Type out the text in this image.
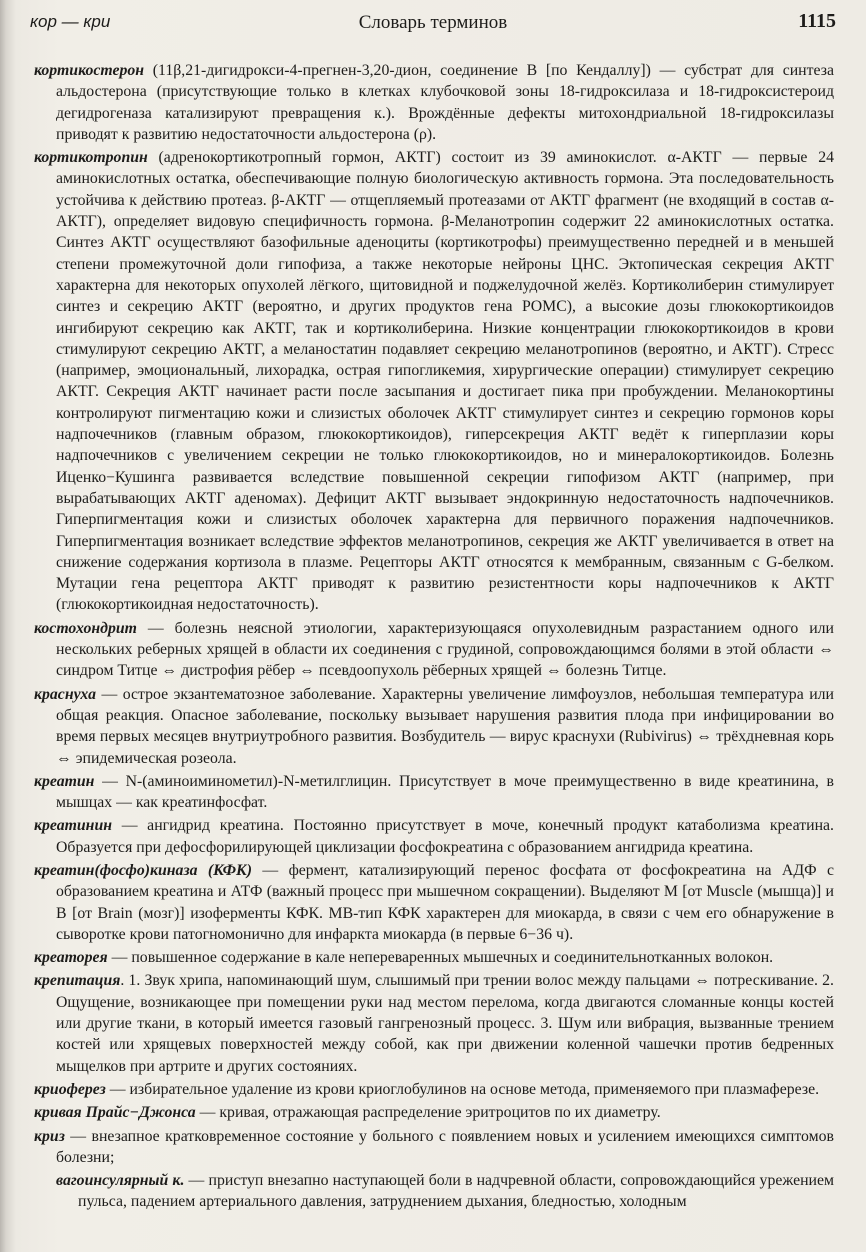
кор — кри	Словарь терминов	1115

кортикостерон (11β,21-дигидрокси-4-прегнен-3,20-дион, соединение В [по Кендаллу]) — субстрат для синтеза альдостерона (присутствующие только в клетках клубочковой зоны 18-гидроксилаза и 18-гидроксистероид дегидрогеназа катализируют превращения к.). Врождённые дефекты митохондриальной 18-гидроксилазы приводят к развитию недостаточности альдостерона (ρ).

кортикотропин (адренокортикотропный гормон, АКТГ) состоит из 39 аминокислот. α-АКТГ — первые 24 аминокислотных остатка, обеспечивающие полную биологическую активность гормона. Эта последовательность устойчива к действию протеаз. β-АКТГ — отщепляемый протеазами от АКТГ фрагмент (не входящий в состав α-АКТГ), определяет видовую специфичность гормона. β-Меланотропин содержит 22 аминокислотных остатка. Синтез АКТГ осуществляют базофильные аденоциты (кортикотрофы) преимущественно передней и в меньшей степени промежуточной доли гипофиза, а также некоторые нейроны ЦНС. Эктопическая секреция АКТГ характерна для некоторых опухолей лёгкого, щитовидной и поджелудочной желёз. Кортиколиберин стимулирует синтез и секрецию АКТГ (вероятно, и других продуктов гена POMC), а высокие дозы глюкокортикоидов ингибируют секрецию как АКТГ, так и кортиколиберина. Низкие концентрации глюкокортикоидов в крови стимулируют секрецию АКТГ, а меланостатин подавляет секрецию меланотропинов (вероятно, и АКТГ). Стресс (например, эмоциональный, лихорадка, острая гипогликемия, хирургические операции) стимулирует секрецию АКТГ. Секреция АКТГ начинает расти после засыпания и достигает пика при пробуждении. Меланокортины контролируют пигментацию кожи и слизистых оболочек АКТГ стимулирует синтез и секрецию гормонов коры надпочечников (главным образом, глюкокортикоидов), гиперсекреция АКТГ ведёт к гиперплазии коры надпочечников с увеличением секреции не только глюкокортикоидов, но и минералокортикоидов. Болезнь Иценко−Кушинга развивается вследствие повышенной секреции гипофизом АКТГ (например, при вырабатывающих АКТГ аденомах). Дефицит АКТГ вызывает эндокринную недостаточность надпочечников. Гиперпигментация кожи и слизистых оболочек характерна для первичного поражения надпочечников. Гиперпигментация возникает вследствие эффектов меланотропинов, секреция же АКТГ увеличивается в ответ на снижение содержания кортизола в плазме. Рецепторы АКТГ относятся к мембранным, связанным с G-белком. Мутации гена рецептора АКТГ приводят к развитию резистентности коры надпочечников к АКТГ (глюкокортикоидная недостаточность).

костохондрит — болезнь неясной этиологии, характеризующаяся опухолевидным разрастанием одного или нескольких реберных хрящей в области их соединения с грудиной, сопровождающимся болями в этой области ⇔ синдром Титце ⇔ дистрофия рёбер ⇔ псевдоопухоль рёберных хрящей ⇔ болезнь Титце.

краснуха — острое экзантематозное заболевание. Характерны увеличение лимфоузлов, небольшая температура или общая реакция. Опасное заболевание, поскольку вызывает нарушения развития плода при инфицировании во время первых месяцев внутриутробного развития. Возбудитель — вирус краснухи (Rubivirus) ⇔ трёхдневная корь ⇔ эпидемическая розеола.

креатин — N-(аминоиминометил)-N-метилглицин. Присутствует в моче преимущественно в виде креатинина, в мышцах — как креатинфосфат.

креатинин — ангидрид креатина. Постоянно присутствует в моче, конечный продукт катаболизма креатина. Образуется при дефосфорилирующей циклизации фосфокреатина с образованием ангидрида креатина.

креатин(фосфо)киназа (КФК) — фермент, катализирующий перенос фосфата от фосфокреатина на АДФ с образованием креатина и АТФ (важный процесс при мышечном сокращении). Выделяют М [от Muscle (мышца)] и В [от Brain (мозг)] изоферменты КФК. МВ-тип КФК характерен для миокарда, в связи с чем его обнаружение в сыворотке крови патогномонично для инфаркта миокарда (в первые 6−36 ч).

креаторея — повышенное содержание в кале непереваренных мышечных и соединительнотканных волокон.

крепитация. 1. Звук хрипа, напоминающий шум, слышимый при трении волос между пальцами ⇔ потрескивание. 2. Ощущение, возникающее при помещении руки над местом перелома, когда двигаются сломанные концы костей или другие ткани, в который имеется газовый гангренозный процесс. 3. Шум или вибрация, вызванные трением костей или хрящевых поверхностей между собой, как при движении коленной чашечки против бедренных мыщелков при артрите и других состояниях.

криоферез — избирательное удаление из крови криоглобулинов на основе метода, применяемого при плазмаферезе.

кривая Прайс−Джонса — кривая, отражающая распределение эритроцитов по их диаметру.

криз — внезапное кратковременное состояние у больного с появлением новых и усилением имеющихся симптомов болезни;

вагоинсулярный к. — приступ внезапно наступающей боли в надчревной области, сопровождающийся урежением пульса, падением артериального давления, затруднением дыхания, бледностью, холодным
